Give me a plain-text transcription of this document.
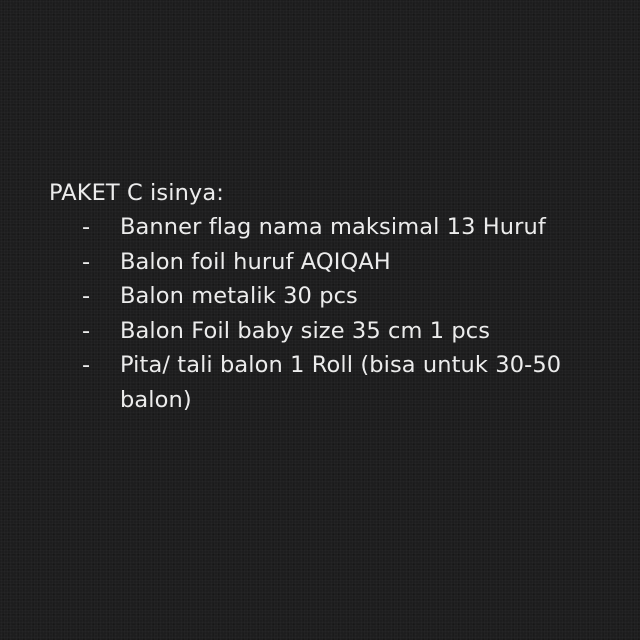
PAKET C isinya:

- Banner flag nama maksimal 13 Huruf
- Balon foil huruf AQIQAH
- Balon metalik 30 pcs
- Balon Foil baby size 35 cm 1 pcs
- Pita/ tali balon 1 Roll (bisa untuk 30-50 balon)
